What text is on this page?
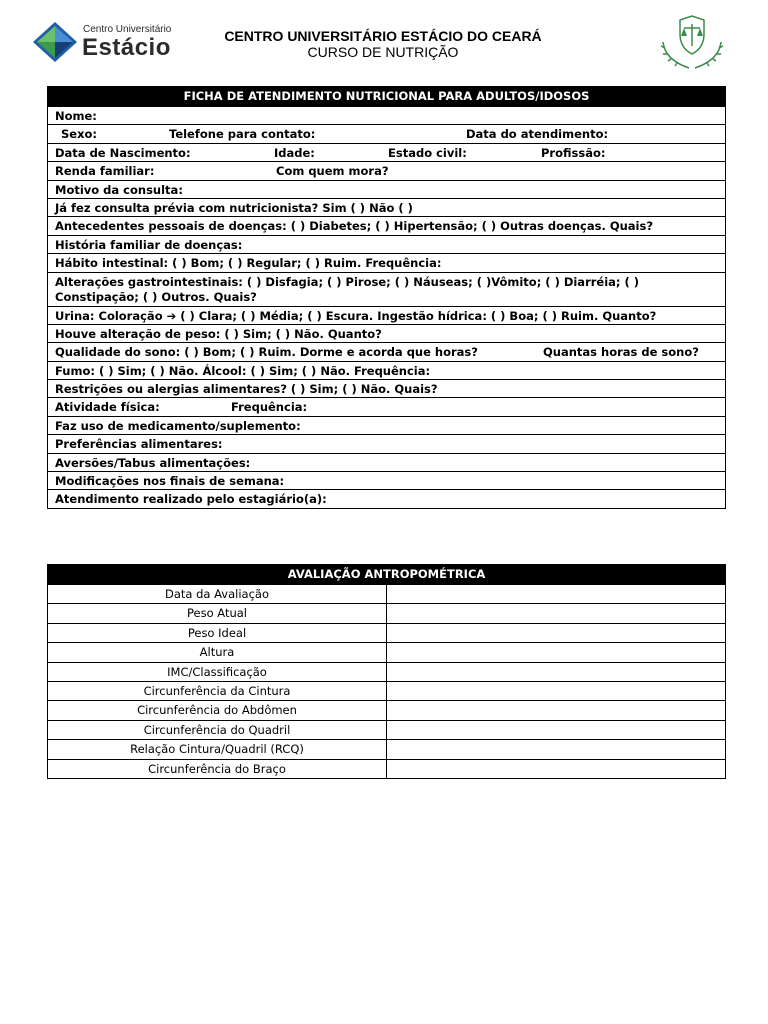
Centro Universitário
Estácio	CENTRO UNIVERSITÁRIO ESTÁCIO DO CEARÁ
CURSO DE NUTRIÇÃO
FICHA DE ATENDIMENTO NUTRICIONAL PARA ADULTOS/IDOSOS
Nome:
Sexo:	Telefone para contato:	Data do atendimento:
Data de Nascimento:	Idade:	Estado civil:	Profissão:
Renda familiar:	Com quem mora?
Motivo da consulta:
Já fez consulta prévia com nutricionista? Sim ( ) Não ( )
Antecedentes pessoais de doenças: ( ) Diabetes; ( ) Hipertensão; ( ) Outras doenças. Quais?
História familiar de doenças:
Hábito intestinal: ( ) Bom; ( ) Regular; ( ) Ruim. Frequência:
Alterações gastrointestinais: ( ) Disfagia; ( ) Pirose; ( ) Náuseas; ( )Vômito; ( ) Diarréia; ( ) Constipação; ( ) Outros. Quais?
Urina: Coloração ➔ ( ) Clara; ( ) Média; ( ) Escura. Ingestão hídrica: ( ) Boa; ( ) Ruim. Quanto?
Houve alteração de peso: ( ) Sim; ( ) Não. Quanto?
Qualidade do sono: ( ) Bom; ( ) Ruim. Dorme e acorda que horas?	Quantas horas de sono?
Fumo: ( ) Sim; ( ) Não. Álcool: ( ) Sim; ( ) Não. Frequência:
Restrições ou alergias alimentares? ( ) Sim; ( ) Não. Quais?
Atividade física:	Frequência:
Faz uso de medicamento/suplemento:
Preferências alimentares:
Aversões/Tabus alimentações:
Modificações nos finais de semana:
Atendimento realizado pelo estagiário(a):
AVALIAÇÃO ANTROPOMÉTRICA
Data da Avaliação
Peso Atual
Peso Ideal
Altura
IMC/Classificação
Circunferência da Cintura
Circunferência do Abdômen
Circunferência do Quadril
Relação Cintura/Quadril (RCQ)
Circunferência do Braço
